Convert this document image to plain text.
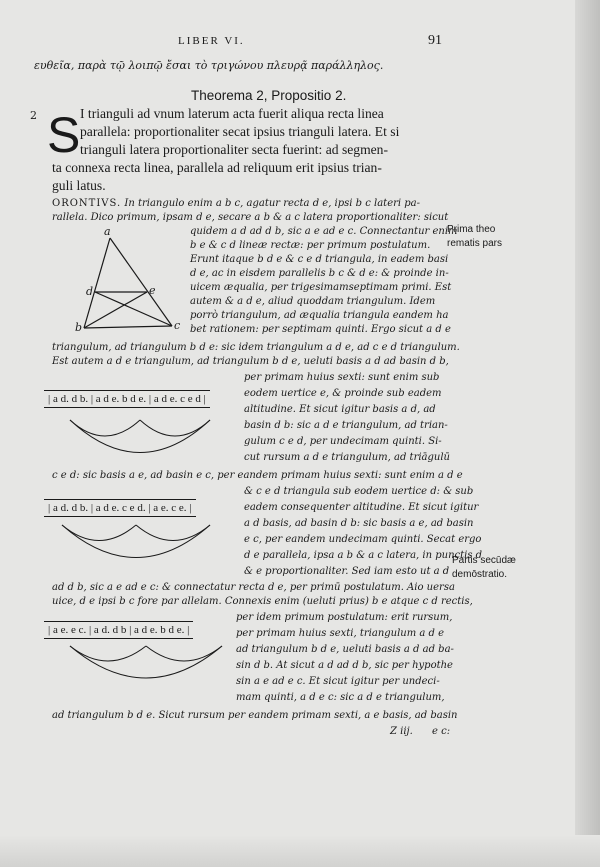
LIBER VI.	91
ευθεῖα, παρὰ τῷ λοιπῷ ἔσαι τὸ τριγώνου πλευρᾷ παράλληλος.
Theorema 2, Propositio 2.
2 S I trianguli ad vnum laterum acta fuerit aliqua recta linea
parallela: proportionaliter secat ipsius trianguli latera. Et si
trianguli latera proportionaliter secta fuerint: ad segmen-
ta connexa recta linea, parallela ad reliquum erit ipsius trian-
guli latus.
ORONTIVS. In triangulo enim a b c, agatur recta d e, ipsi b c lateri pa-
rallela. Dico primum, ipsam d e, secare a b & a c latera proportionaliter: sicut
quidem a d ad d b, sic a e ad e c. Connectantur enim
b e & c d lineæ rectæ: per primum postulatum.
Erunt itaque b d e & c e d triangula, in eadem basi
d e, ac in eisdem parallelis b c & d e: & proinde in-
uicem æqualia, per trigesimamseptimam primi. Est
autem & a d e, aliud quoddam triangulum. Idem
porrò triangulum, ad æqualia triangula eandem ha
bet rationem: per septimam quinti. Ergo sicut a d e
triangulum, ad triangulum b d e: sic idem triangulum a d e, ad c e d triangulum.
Est autem a d e triangulum, ad triangulum b d e, ueluti basis a d ad basin d b,
per primam huius sexti: sunt enim sub
eodem uertice e, & proinde sub eadem
altitudine. Et sicut igitur basis a d, ad
basin d b: sic a d e triangulum, ad trian-
gulum c e d, per undecimam quinti. Si-
cut rursum a d e triangulum, ad triāgulū
c e d: sic basis a e, ad basin e c, per eandem primam huius sexti: sunt enim a d e
& c e d triangula sub eodem uertice d: & sub
eadem consequenter altitudine. Et sicut igitur
a d basis, ad basin d b: sic basis a e, ad basin
e c, per eandem undecimam quinti. Secat ergo
d e parallela, ipsa a b & a c latera, in punctis d
& e proportionaliter. Sed iam esto ut a d
ad d b, sic a e ad e c: & connectatur recta d e, per primū postulatum. Aio uersa
uice, d e ipsi b c fore par allelam. Connexis enim (ueluti prius) b e atque c d rectis,
per idem primum postulatum: erit rursum,
per primam huius sexti, triangulum a d e
ad triangulum b d e, ueluti basis a d ad ba-
sin d b. At sicut a d ad d b, sic per hypothe
sin a e ad e c. Et sicut igitur per undeci-
mam quinti, a d e c: sic a d e triangulum,
ad triangulum b d e. Sicut rursum per eandem primam sexti, a e basis, ad basin
e c:
Z iij.
Prima theo
rematis pars
Partis secūdæ
demōstratio.
a
d	e
b	c
| a d. d b. | a d e. b d e. | a d e. c e d |
| a d. d b. | a d e. c e d. | a e. c e. |
| a e. e c. | a d. d b | a d e. b d e. |
